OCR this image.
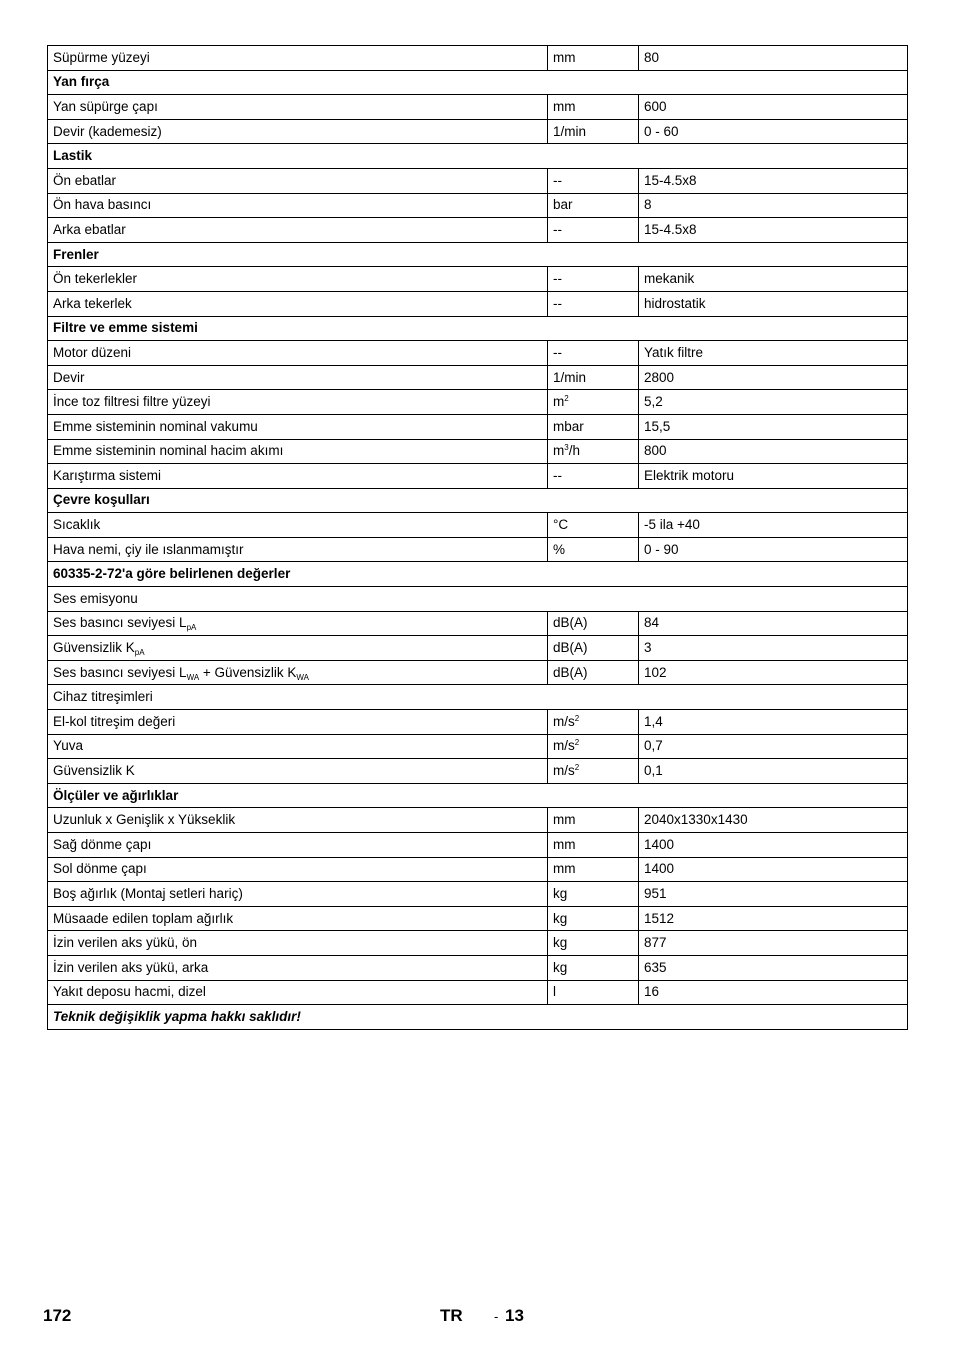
Süpürme yüzeyi	mm	80
Yan fırça		
Yan süpürge çapı	mm	600
Devir (kademesiz)	1/min	0 - 60
Lastik		
Ön ebatlar	--	15-4.5x8
Ön hava basıncı	bar	8
Arka ebatlar	--	15-4.5x8
Frenler		
Ön tekerlekler	--	mekanik
Arka tekerlek	--	hidrostatik
Filtre ve emme sistemi		
Motor düzeni	--	Yatık filtre
Devir	1/min	2800
İnce toz filtresi filtre yüzeyi	$m^2$	5,2
Emme sisteminin nominal vakumu	mbar	15,5
Emme sisteminin nominal hacim akımı	$m^3/h$	800
Karıştırma sistemi	--	Elektrik motoru
Çevre koşulları		
Sıcaklık	°C	-5 ila +40
Hava nemi, çiy ile ıslanmamıştır	%	0 - 90
60335-2-72'a göre belirlenen değerler		
Ses emisyonu		
Ses basıncı seviyesi $L_{pA}$	dB(A)	84
Güvensizlik $K_{pA}$	dB(A)	3
Ses basıncı seviyesi $L_{WA}$ + Güvensizlik $K_{WA}$	dB(A)	102
Cihaz titreşimleri		
El-kol titreşim değeri	$m/s^2$	1,4
Yuva	$m/s^2$	0,7
Güvensizlik K	$m/s^2$	0,1
Ölçüler ve ağırlıklar		
Uzunluk x Genişlik x Yükseklik	mm	2040x1330x1430
Sağ dönme çapı	mm	1400
Sol dönme çapı	mm	1400
Boş ağırlık (Montaj setleri hariç)	kg	951
Müsaade edilen toplam ağırlık	kg	1512
İzin verilen aks yükü, ön	kg	877
İzin verilen aks yükü, arka	kg	635
Yakıt deposu hacmi, dizel	l	16
Teknik değişiklik yapma hakkı saklıdır!		
172	TR - 13
